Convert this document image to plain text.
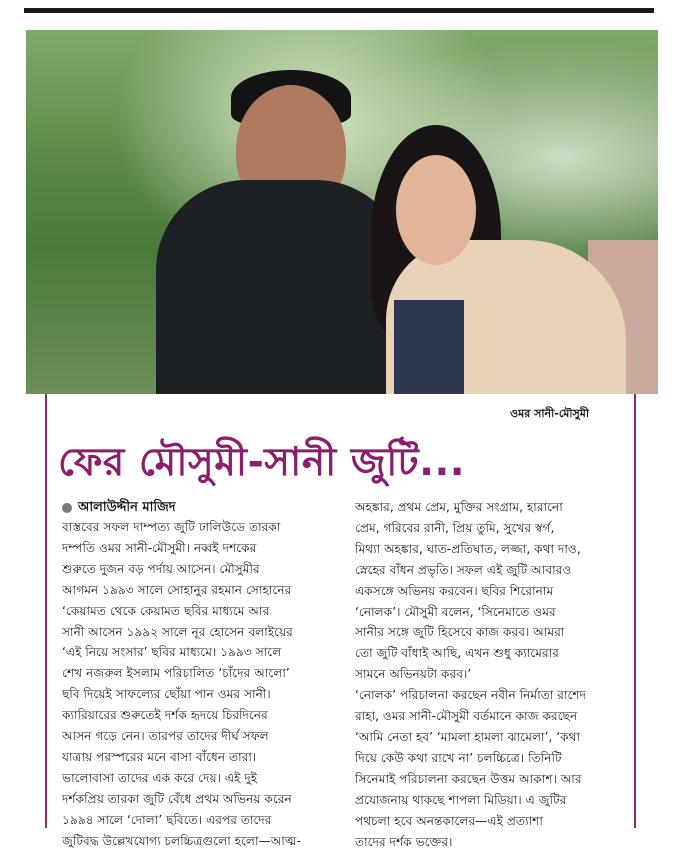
ওমর সানী-মৌসুমী
ফের মৌসুমী-সানী জুটি...
আলাউদ্দীন মাজিদ
বাস্তবের সফল দাম্পত্য জুটি ঢালিউডে তারকা
দম্পতি ওমর সানী-মৌসুমী। নব্বই দশকের
শুরুতে দুজন বড় পর্দায় আসেন। মৌসুমীর
আগমন ১৯৯৩ সালে সোহানুর রহমান সোহানের
‘কেয়ামত থেকে কেয়ামত ছবির মাধ্যমে আর
সানী আসেন ১৯৯২ সালে নূর হোসেন বলাইয়ের
‘এই নিয়ে সংসার’ ছবির মাধ্যমে। ১৯৯৩ সালে
শেখ নজরুল ইসলাম পরিচালিত ‘চাঁদের আলো’
ছবি দিয়েই সাফল্যের ছোঁয়া পান ওমর সানী।
ক্যারিয়ারের শুরুতেই দর্শক হৃদয়ে চিরদিনের
আসন গড়ে নেন। তারপর তাদের দীর্ঘ সফল
যাত্রায় পরস্পরের মনে বাসা বাঁধেন তারা।
ভালোবাসা তাদের এক করে দেয়। এই দুই
দর্শকপ্রিয় তারকা জুটি বেঁধে প্রথম অভিনয় করেন
১৯৯৪ সালে ‘দোলা’ ছবিতে। এরপর তাদের
জুটিবদ্ধ উল্লেখযোগ্য চলচ্চিত্রগুলো হলো—আত্ম-
অহঙ্কার, প্রথম প্রেম, মুক্তির সংগ্রাম, হারানো
প্রেম, গরিবের রানী, প্রিয় তুমি, সুখের স্বর্গ,
মিথ্যা অহঙ্কার, ঘাত-প্রতিঘাত, লজ্জা, কথা দাও,
স্নেহের বাঁধন প্রভৃতি। সফল এই জুটি আবারও
একসঙ্গে অভিনয় করবেন। ছবির শিরোনাম
‘নোলক’। মৌসুমী বলেন, ‘সিনেমাতে ওমর
সানীর সঙ্গে জুটি হিসেবে কাজ করব। আমরা
তো জুটি বাঁধাই আছি, এখন শুধু ক্যামেরার
সামনে অভিনয়টা করব।’
‘নোলক’ পরিচালনা করছেন নবীন নির্মাতা রাশেদ
রাহা, ওমর সানী-মৌসুমী বর্তমানে কাজ করছেন
‘আমি নেতা হব’ ‘মামলা হামলা ঝামেলা’, ‘কথা
দিয়ে কেউ কথা রাখে না’ চলচ্চিত্রে। তিনিটি
সিনেমাই পরিচালনা করছেন উত্তম আকাশ। আর
প্রযোজনায় থাকছে শাপলা মিডিয়া। এ জুটির
পথচলা হবে অনন্তকালের—এই প্রত্যাশা
তাদের দর্শক ভক্তের।
